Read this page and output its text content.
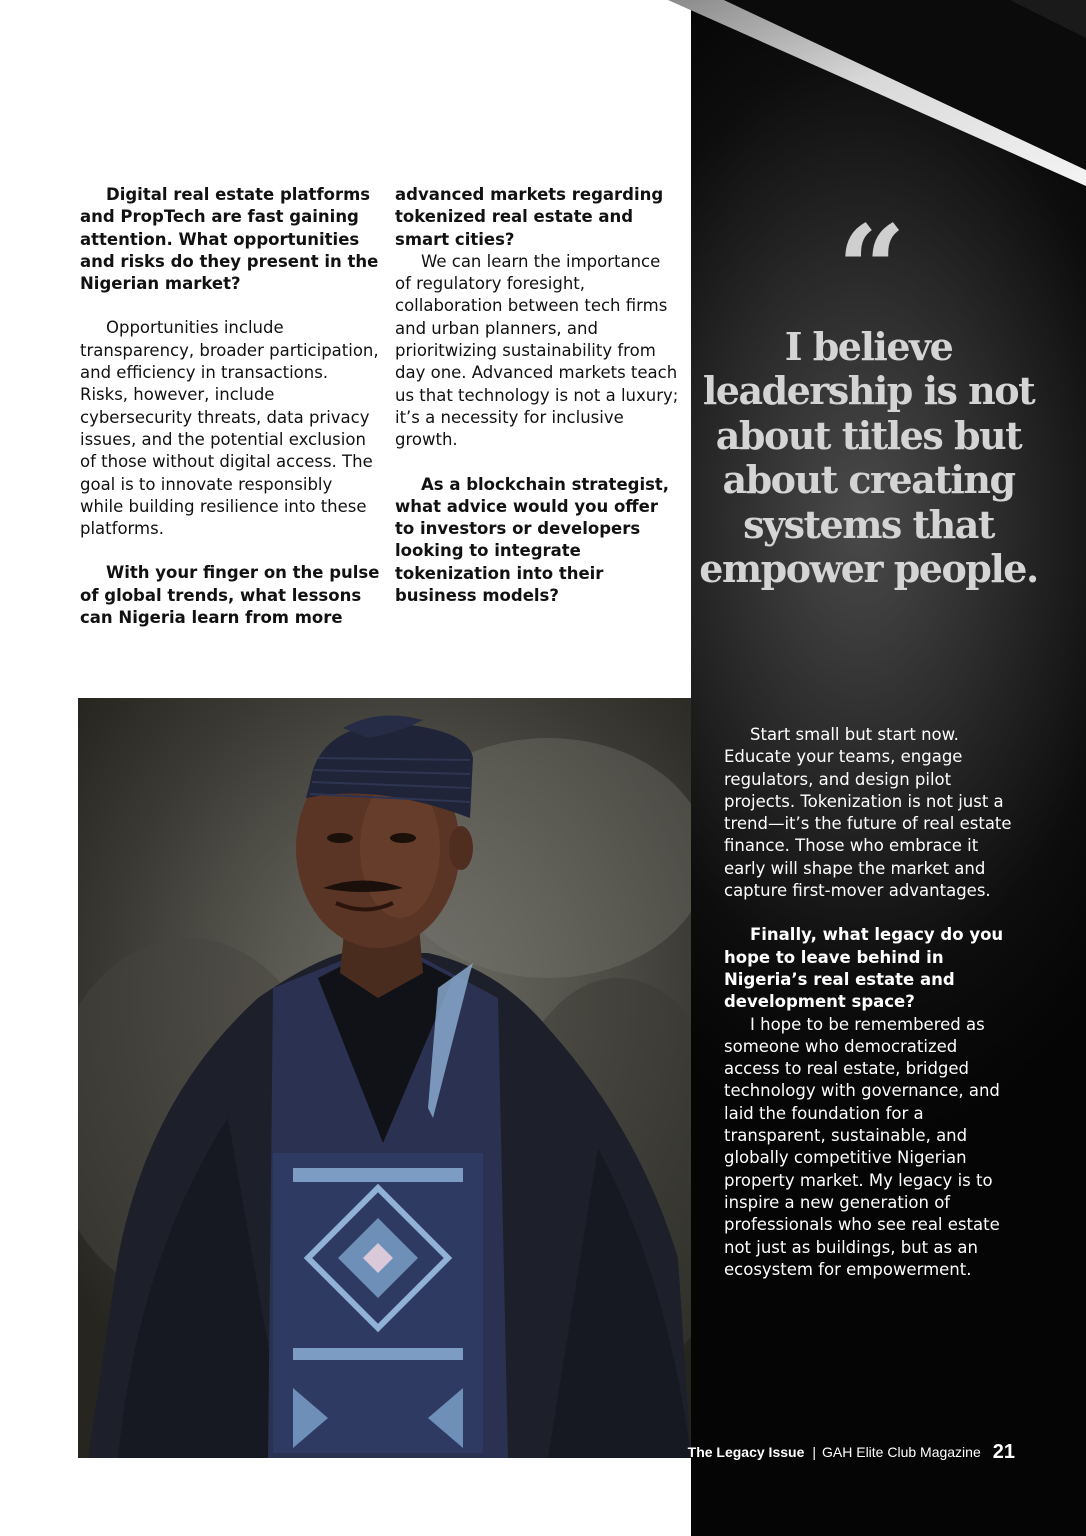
Digital real estate platforms and PropTech are fast gaining attention. What opportunities and risks do they present in the Nigerian market?

Opportunities include transparency, broader participation, and efficiency in transactions. Risks, however, include cybersecurity threats, data privacy issues, and the potential exclusion of those without digital access. The goal is to innovate responsibly while building resilience into these platforms.

With your finger on the pulse of global trends, what lessons can Nigeria learn from more

advanced markets regarding tokenized real estate and smart cities?

We can learn the importance of regulatory foresight, collaboration between tech firms and urban planners, and prioritwizing sustainability from day one. Advanced markets teach us that technology is not a luxury; it’s a necessity for inclusive growth.

As a blockchain strategist, what advice would you offer to investors or developers looking to integrate tokenization into their business models?

“
I believe leadership is not about titles but about creating systems that empower people.

Start small but start now. Educate your teams, engage regulators, and design pilot projects. Tokenization is not just a trend—it’s the future of real estate finance. Those who embrace it early will shape the market and capture first-mover advantages.

Finally, what legacy do you hope to leave behind in Nigeria’s real estate and development space?

I hope to be remembered as someone who democratized access to real estate, bridged technology with governance, and laid the foundation for a transparent, sustainable, and globally competitive Nigerian property market. My legacy is to inspire a new generation of professionals who see real estate not just as buildings, but as an ecosystem for empowerment.

The Legacy Issue | GAH Elite Club Magazine 21
